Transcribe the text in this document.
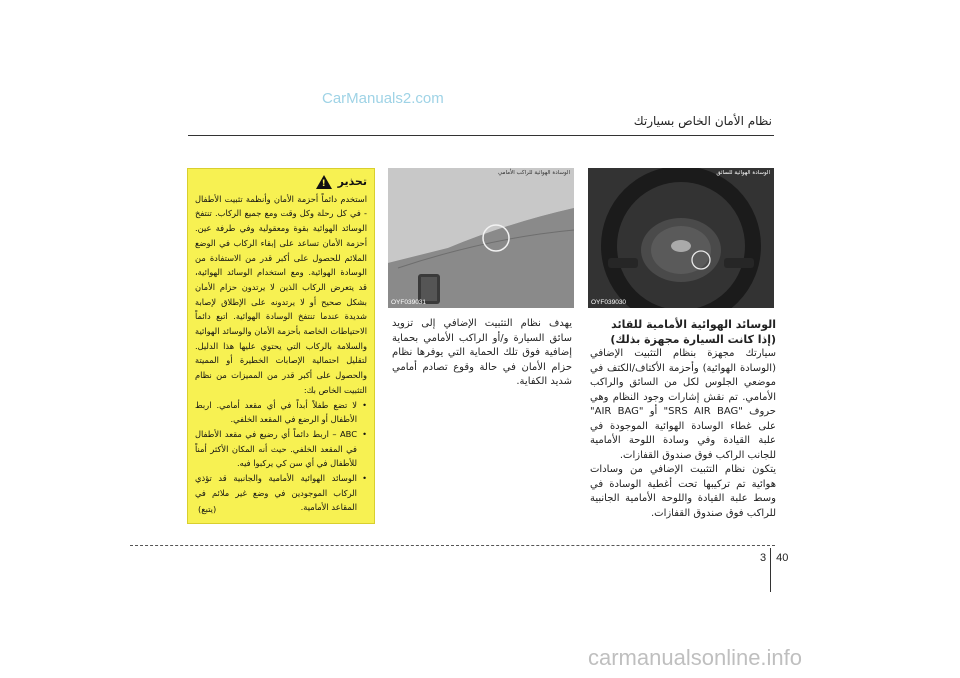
CarManuals2.com
نظام الأمان الخاص بسيارتك
تحذير
!

استخدم دائماً أحزمة الأمان وأنظمة تثبيت الأطفال - في كل رحلة وكل وقت ومع جميع الركاب. تنتفخ الوسائد الهوائية بقوة ومعقولية وفي طرفة عين. أحزمة الأمان تساعد على إبقاء الركاب في الوضع الملائم للحصول على أكبر قدر من الاستفادة من الوسادة الهوائية. ومع استخدام الوسائد الهوائية، قد يتعرض الركاب الذين لا يرتدون حزام الأمان بشكل صحيح أو لا يرتدونه على الإطلاق لإصابة شديدة عندما تنتفخ الوسادة الهوائية. اتبع دائماً الاحتياطات الخاصة بأحزمة الأمان والوسائد الهوائية والسلامة بالركاب التي يحتوي عليها هذا الدليل. لتقليل احتمالية الإصابات الخطيرة أو المميتة والحصول على أكبر قدر من المميزات من نظام التثبيت الخاص بك:

• لا تضع طفلاً أبداً في أي مقعد أمامي. اربط الأطفال أو الرضع في المقعد الخلفي.
• ABC – اربط دائماً أي رضيع في مقعد الأطفال في المقعد الخلفي. حيث أنه المكان الأكثر أمناً للأطفال في أي سن كي يركبوا فيه.
• الوسائد الهوائية الأمامية والجانبية قد تؤذي الركاب الموجودين في وضع غير ملائم في المقاعد الأمامية.
(يتبع)
الوسادة الهوائية للراكب الأمامي
OYF039031
الوسادة الهوائية للسائق
OYF039030
الوسائد الهوائية الأمامية للقائد
(إذا كانت السيارة مجهزة بذلك)

سيارتك مجهزة بنظام التثبيت الإضافي (الوسادة الهوائية) وأحزمة الأكتاف/الكتف في موضعي الجلوس لكل من السائق والراكب الأمامي. تم نقش إشارات وجود النظام وهي حروف "SRS AIR BAG" أو "AIR BAG" على غطاء الوسادة الهوائية الموجودة في علبة القيادة وفي وسادة اللوحة الأمامية للجانب الراكب فوق صندوق القفازات.

يتكون نظام التثبيت الإضافي من وسادات هوائية تم تركيبها تحت أغطية الوسادة في وسط علبة القيادة واللوحة الأمامية الجانبية للراكب فوق صندوق القفازات.

يهدف نظام التثبيت الإضافي إلى تزويد سائق السيارة و/أو الراكب الأمامي بحماية إضافية فوق تلك الحماية التي يوفرها نظام حزام الأمان في حالة وقوع تصادم أمامي شديد الكفاية.

3 40
carmanualsonline.info
